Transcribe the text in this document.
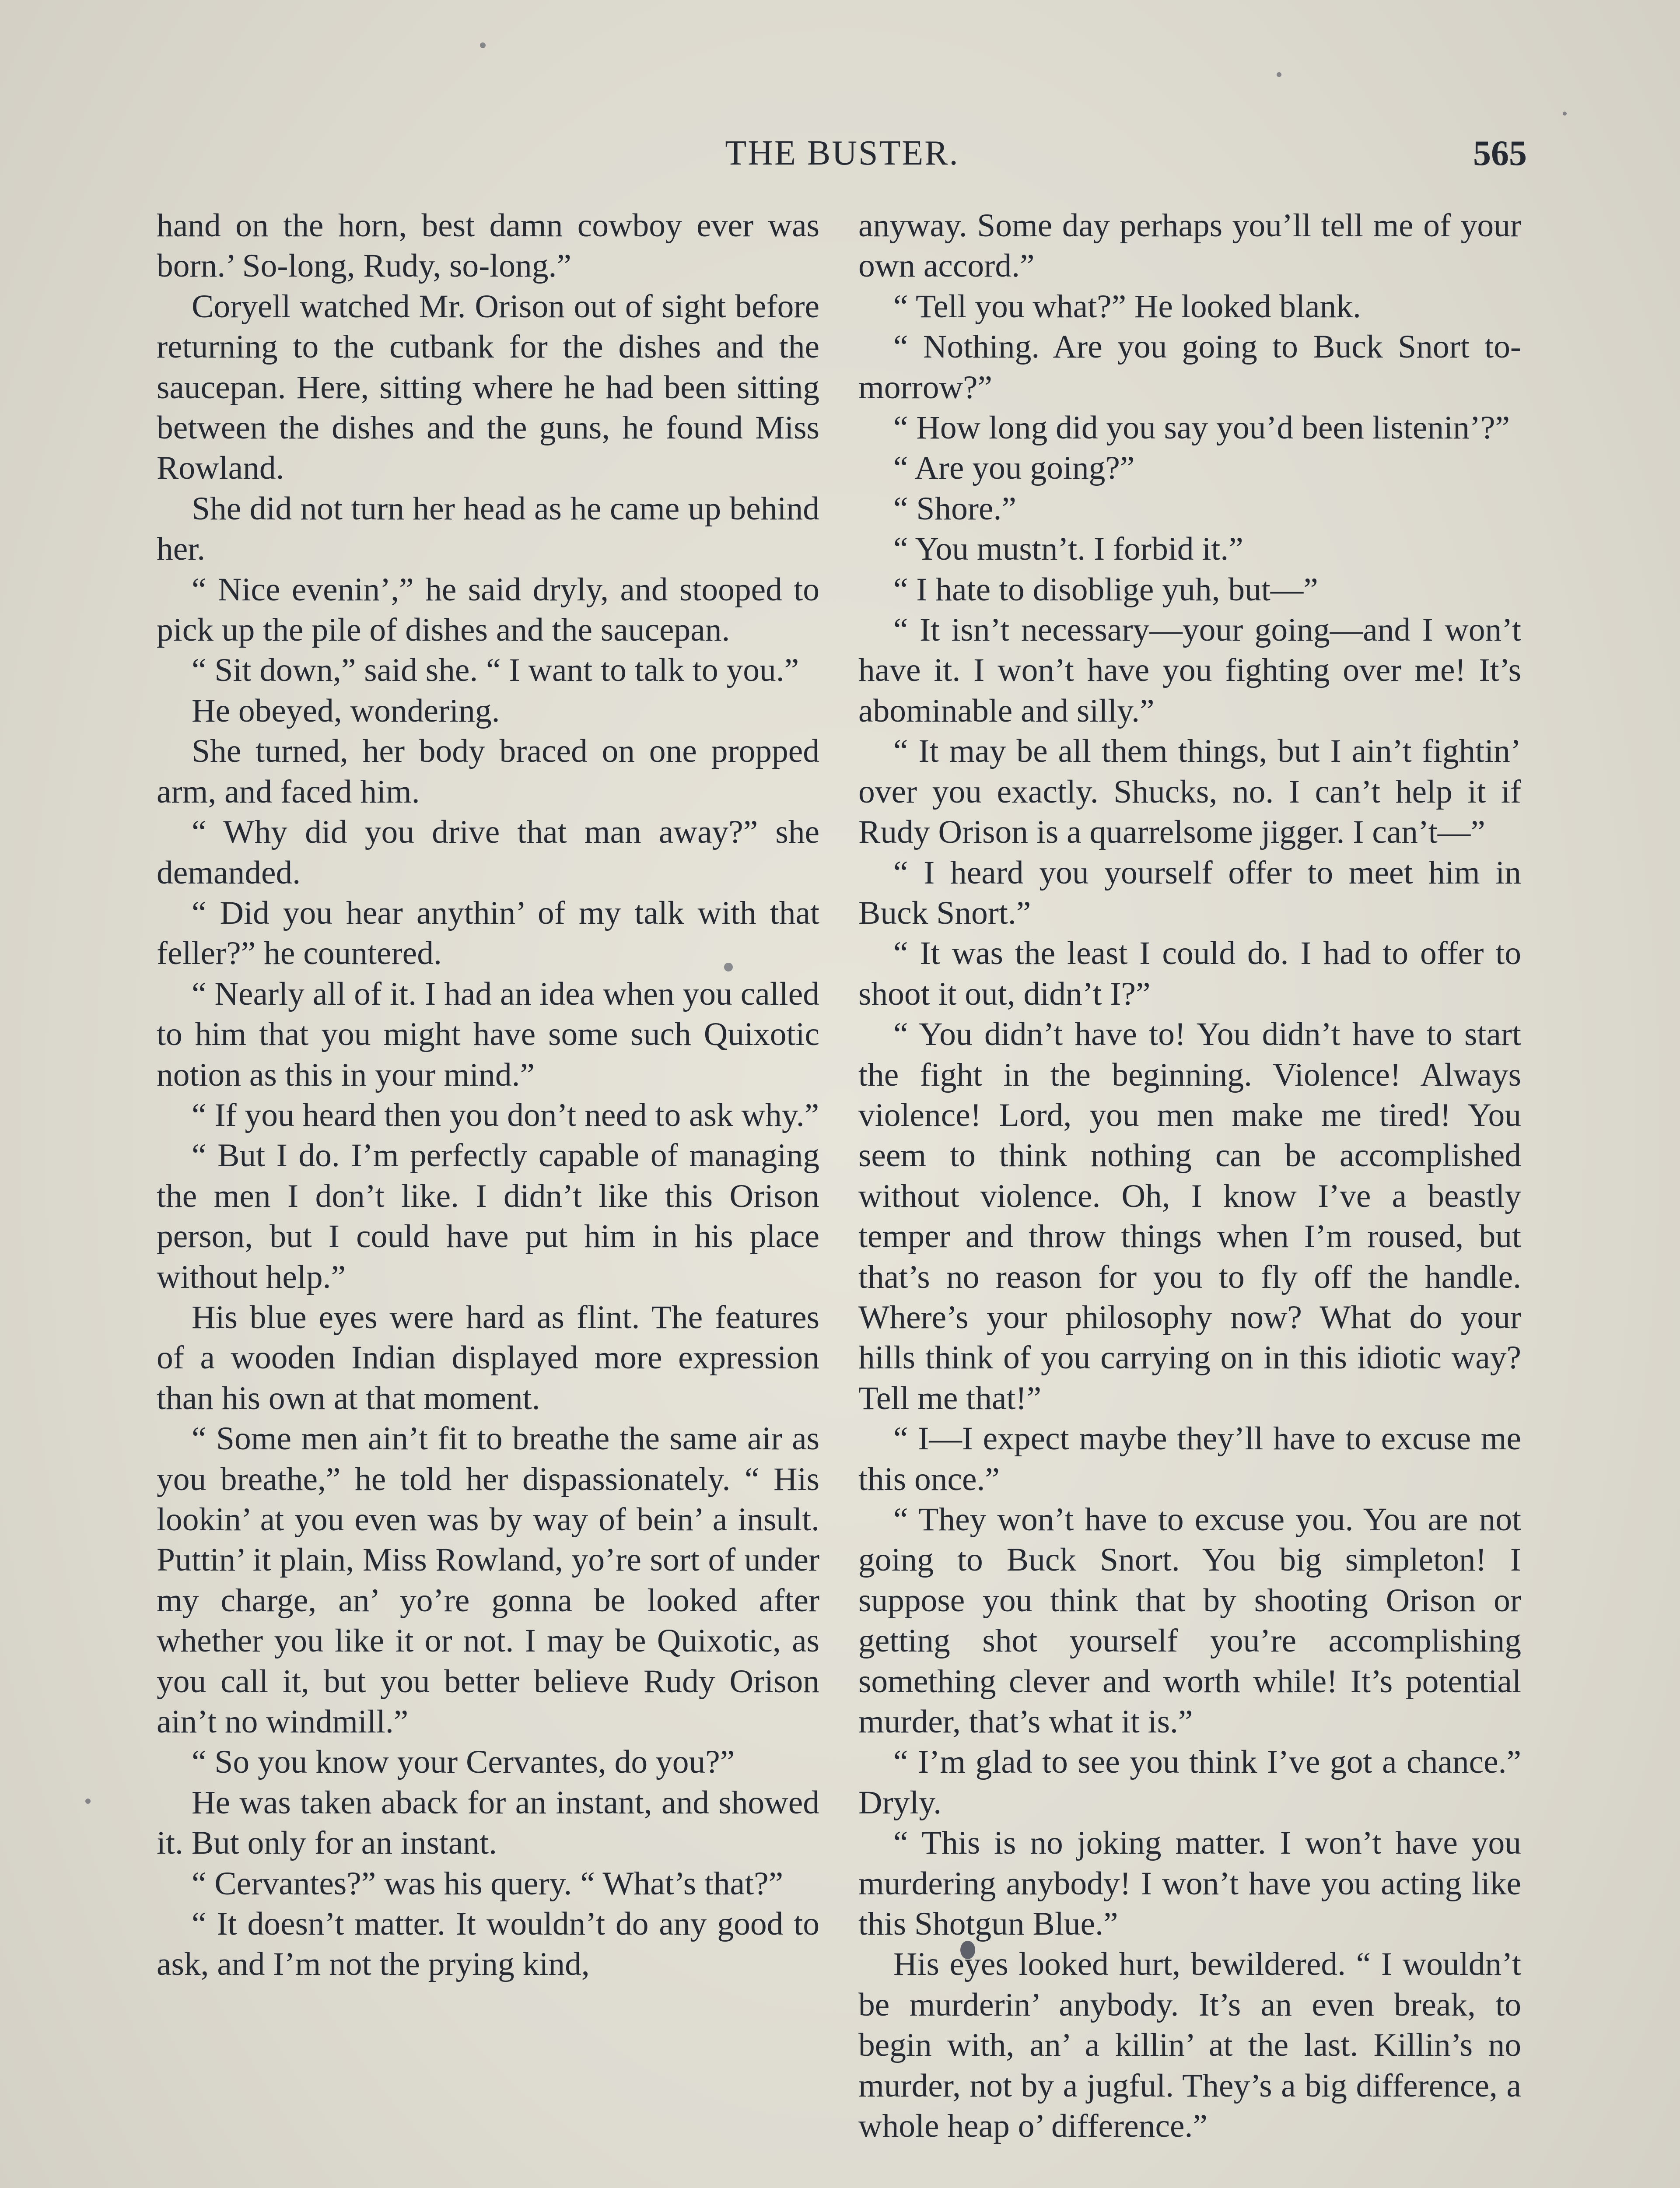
THE BUSTER.	565

hand on the horn, best damn cowboy ever was born.’ So-long, Rudy, so-long.”

Coryell watched Mr. Orison out of sight before returning to the cutbank for the dishes and the saucepan. Here, sitting where he had been sitting between the dishes and the guns, he found Miss Rowland.

She did not turn her head as he came up behind her.

“ Nice evenin’,” he said dryly, and stooped to pick up the pile of dishes and the saucepan.

“ Sit down,” said she. “ I want to talk to you.”

He obeyed, wondering.

She turned, her body braced on one propped arm, and faced him.

“ Why did you drive that man away?” she demanded.

“ Did you hear anythin’ of my talk with that feller?” he countered.

“ Nearly all of it. I had an idea when you called to him that you might have some such Quixotic notion as this in your mind.”

“ If you heard then you don’t need to ask why.”

“ But I do. I’m perfectly capable of managing the men I don’t like. I didn’t like this Orison person, but I could have put him in his place without help.”

His blue eyes were hard as flint. The features of a wooden Indian displayed more expression than his own at that moment.

“ Some men ain’t fit to breathe the same air as you breathe,” he told her dispassionately. “ His lookin’ at you even was by way of bein’ a insult. Puttin’ it plain, Miss Rowland, yo’re sort of under my charge, an’ yo’re gonna be looked after whether you like it or not. I may be Quixotic, as you call it, but you better believe Rudy Orison ain’t no windmill.”

“ So you know your Cervantes, do you?”

He was taken aback for an instant, and showed it. But only for an instant.

“ Cervantes?” was his query. “ What’s that?”

“ It doesn’t matter. It wouldn’t do any good to ask, and I’m not the prying kind,

anyway. Some day perhaps you’ll tell me of your own accord.”

“ Tell you what?” He looked blank.

“ Nothing. Are you going to Buck Snort to-morrow?”

“ How long did you say you’d been listenin’?”

“ Are you going?”

“ Shore.”

“ You mustn’t. I forbid it.”

“ I hate to disoblige yuh, but—”

“ It isn’t necessary—your going—and I won’t have it. I won’t have you fighting over me! It’s abominable and silly.”

“ It may be all them things, but I ain’t fightin’ over you exactly. Shucks, no. I can’t help it if Rudy Orison is a quarrelsome jigger. I can’t—”

“ I heard you yourself offer to meet him in Buck Snort.”

“ It was the least I could do. I had to offer to shoot it out, didn’t I?”

“ You didn’t have to! You didn’t have to start the fight in the beginning. Violence! Always violence! Lord, you men make me tired! You seem to think nothing can be accomplished without violence. Oh, I know I’ve a beastly temper and throw things when I’m roused, but that’s no reason for you to fly off the handle. Where’s your philosophy now? What do your hills think of you carrying on in this idiotic way? Tell me that!”

“ I—I expect maybe they’ll have to excuse me this once.”

“ They won’t have to excuse you. You are not going to Buck Snort. You big simpleton! I suppose you think that by shooting Orison or getting shot yourself you’re accomplishing something clever and worth while! It’s potential murder, that’s what it is.”

“ I’m glad to see you think I’ve got a chance.” Dryly.

“ This is no joking matter. I won’t have you murdering anybody! I won’t have you acting like this Shotgun Blue.”

His eyes looked hurt, bewildered. “ I wouldn’t be murderin’ anybody. It’s an even break, to begin with, an’ a killin’ at the last. Killin’s no murder, not by a jugful. They’s a big difference, a whole heap o’ difference.”
